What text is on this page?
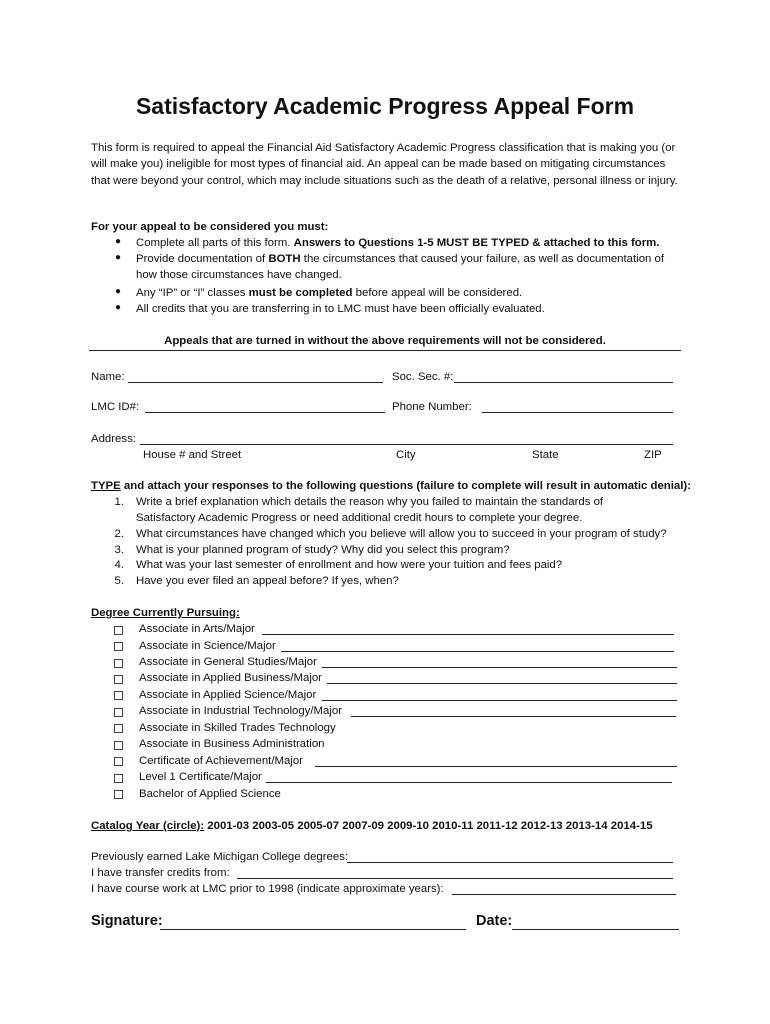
Satisfactory Academic Progress Appeal Form
This form is required to appeal the Financial Aid Satisfactory Academic Progress classification that is making you (or will make you) ineligible for most types of financial aid. An appeal can be made based on mitigating circumstances that were beyond your control, which may include situations such as the death of a relative, personal illness or injury.
For your appeal to be considered you must:
● Complete all parts of this form. Answers to Questions 1-5 MUST BE TYPED & attached to this form.
● Provide documentation of BOTH the circumstances that caused your failure, as well as documentation of
how those circumstances have changed.
● Any “IP” or “I” classes must be completed before appeal will be considered.
● All credits that you are transferring in to LMC must have been officially evaluated.
Appeals that are turned in without the above requirements will not be considered.
Name:	Soc. Sec. #:
LMC ID#:	Phone Number:
Address:
House # and Street	City	State	ZIP
TYPE and attach your responses to the following questions (failure to complete will result in automatic denial):
1. Write a brief explanation which details the reason why you failed to maintain the standards of
Satisfactory Academic Progress or need additional credit hours to complete your degree.
2. What circumstances have changed which you believe will allow you to succeed in your program of study?
3. What is your planned program of study? Why did you select this program?
4. What was your last semester of enrollment and how were your tuition and fees paid?
5. Have you ever filed an appeal before? If yes, when?
Degree Currently Pursuing:
Associate in Arts/Major
Associate in Science/Major
Associate in General Studies/Major
Associate in Applied Business/Major
Associate in Applied Science/Major
Associate in Industrial Technology/Major
Associate in Skilled Trades Technology
Associate in Business Administration
Certificate of Achievement/Major
Level 1 Certificate/Major
Bachelor of Applied Science
Catalog Year (circle): 2001-03 2003-05 2005-07 2007-09 2009-10 2010-11 2011-12 2012-13 2013-14 2014-15
Previously earned Lake Michigan College degrees:
I have transfer credits from:
I have course work at LMC prior to 1998 (indicate approximate years):
Signature:	Date:
